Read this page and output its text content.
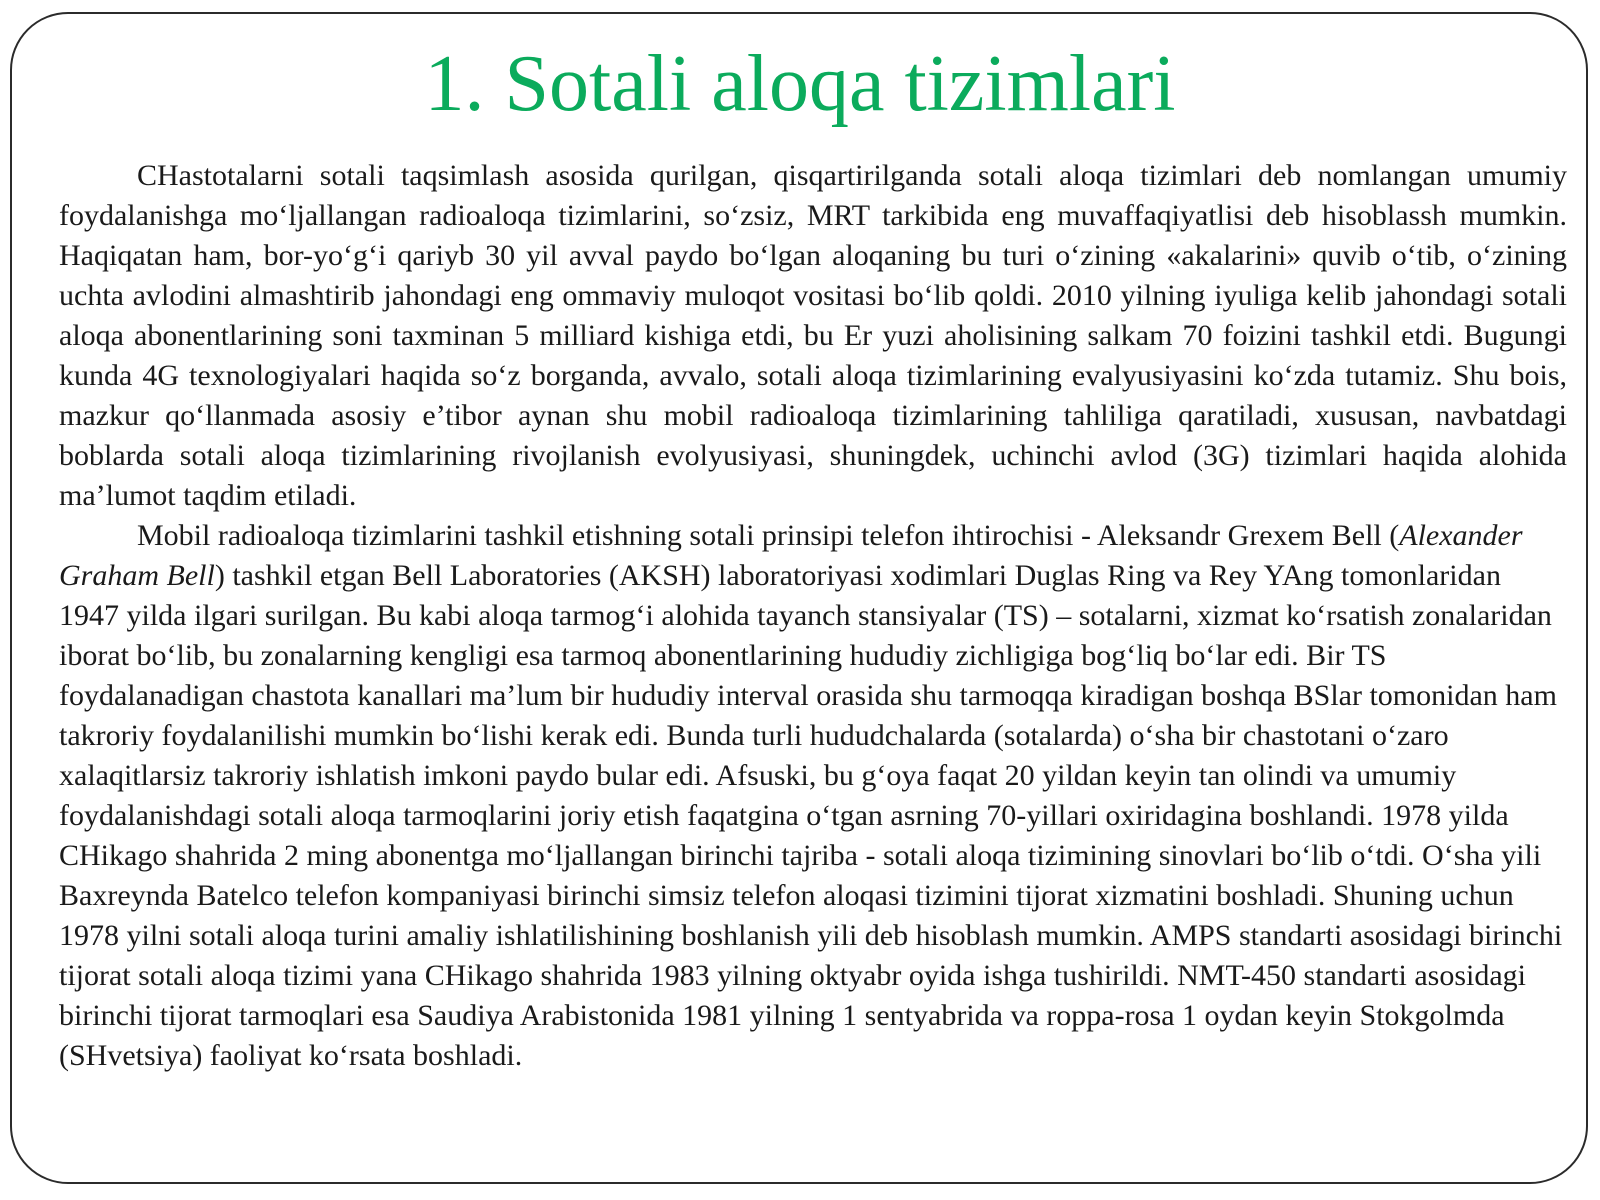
1. Sotali aloqa tizimlari

CHastotalarni sotali taqsimlash asosida qurilgan, qisqartirilganda sotali aloqa tizimlari deb nomlangan umumiy foydalanishga mo‘ljallangan radioaloqa tizimlarini, so‘zsiz, MRT tarkibida eng muvaffaqiyatlisi deb hisoblassh mumkin. Haqiqatan ham, bor-yo‘g‘i qariyb 30 yil avval paydo bo‘lgan aloqaning bu turi o‘zining «akalarini» quvib o‘tib, o‘zining uchta avlodini almashtirib jahondagi eng ommaviy muloqot vositasi bo‘lib qoldi. 2010 yilning iyuliga kelib jahondagi sotali aloqa abonentlarining soni taxminan 5 milliard kishiga etdi, bu Er yuzi aholisining salkam 70 foizini tashkil etdi. Bugungi kunda 4G texnologiyalari haqida so‘z borganda, avvalo, sotali aloqa tizimlarining evalyusiyasini ko‘zda tutamiz. Shu bois, mazkur qo‘llanmada asosiy e’tibor aynan shu mobil radioaloqa tizimlarining tahliliga qaratiladi, xususan, navbatdagi boblarda sotali aloqa tizimlarining rivojlanish evolyusiyasi, shuningdek, uchinchi avlod (3G) tizimlari haqida alohida ma’lumot taqdim etiladi.

Mobil radioaloqa tizimlarini tashkil etishning sotali prinsipi telefon ihtirochisi - Aleksandr Grexem Bell (Alexander Graham Bell) tashkil etgan Bell Laboratories (AKSH) laboratoriyasi xodimlari Duglas Ring va Rey YAng tomonlaridan 1947 yilda ilgari surilgan. Bu kabi aloqa tarmog‘i alohida tayanch stansiyalar (TS) – sotalarni, xizmat ko‘rsatish zonalaridan iborat bo‘lib, bu zonalarning kengligi esa tarmoq abonentlarining hududiy zichligiga bog‘liq bo‘lar edi. Bir TS foydalanadigan chastota kanallari ma’lum bir hududiy interval orasida shu tarmoqqa kiradigan boshqa BSlar tomonidan ham takroriy foydalanilishi mumkin bo‘lishi kerak edi. Bunda turli hududchalarda (sotalarda) o‘sha bir chastotani o‘zaro xalaqitlarsiz takroriy ishlatish imkoni paydo bular edi. Afsuski, bu g‘oya faqat 20 yildan keyin tan olindi va umumiy foydalanishdagi sotali aloqa tarmoqlarini joriy etish faqatgina o‘tgan asrning 70-yillari oxiridagina boshlandi. 1978 yilda CHikago shahrida 2 ming abonentga mo‘ljallangan birinchi tajriba - sotali aloqa tizimining sinovlari bo‘lib o‘tdi. O‘sha yili Baxreynda Batelco telefon kompaniyasi birinchi simsiz telefon aloqasi tizimini tijorat xizmatini boshladi. Shuning uchun 1978 yilni sotali aloqa turini amaliy ishlatilishining boshlanish yili deb hisoblash mumkin. AMPS standarti asosidagi birinchi tijorat sotali aloqa tizimi yana CHikago shahrida 1983 yilning oktyabr oyida ishga tushirildi. NMT-450 standarti asosidagi birinchi tijorat tarmoqlari esa Saudiya Arabistonida 1981 yilning 1 sentyabrida va roppa-rosa 1 oydan keyin Stokgolmda (SHvetsiya) faoliyat ko‘rsata boshladi.
